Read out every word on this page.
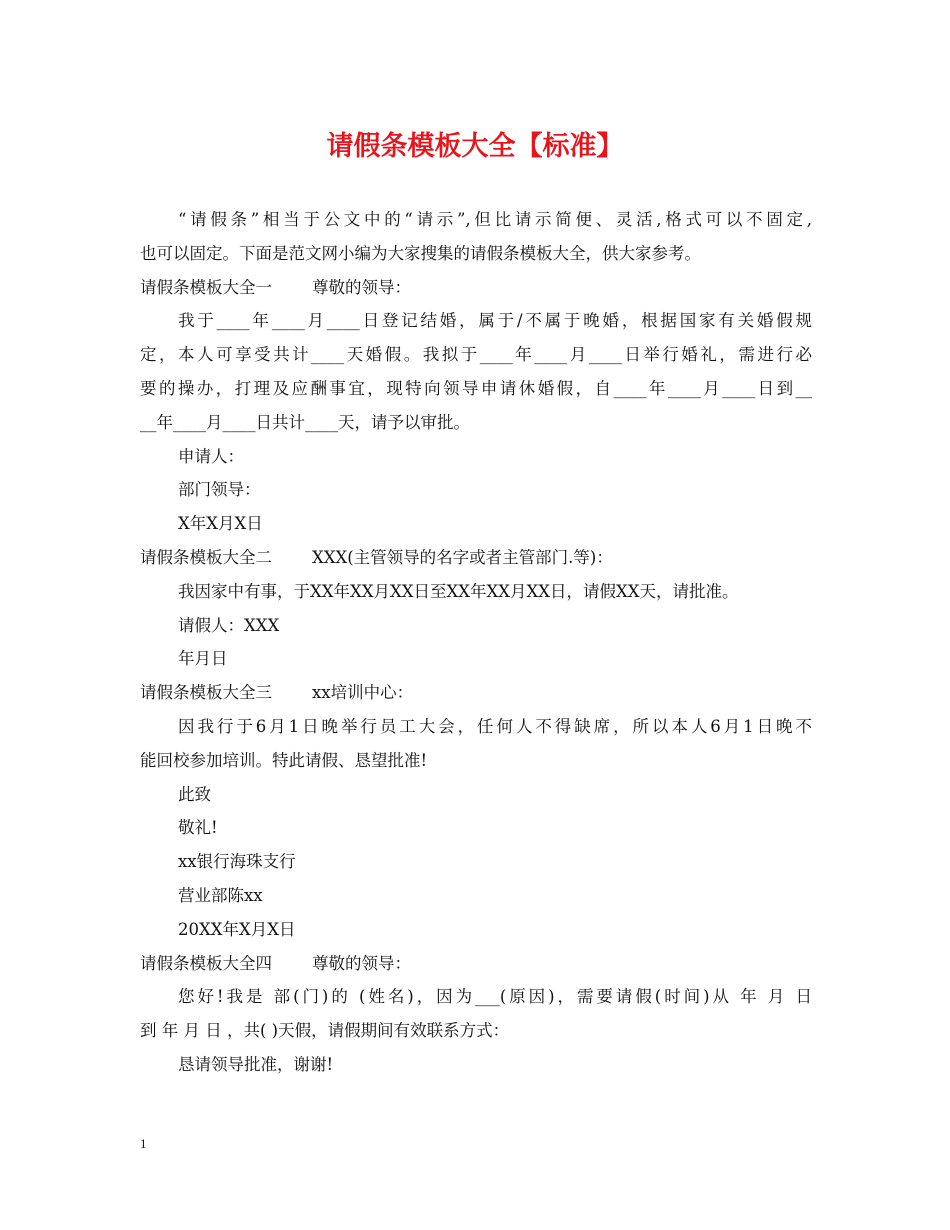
请假条模板大全【标准】

“请假条”相当于公文中的“请示”,但比请示简便、灵活,格式可以不固定,

也可以固定。下面是范文网小编为大家搜集的请假条模板大全，供大家参考。

请假条模板大全一 尊敬的领导：

我于____年____月____日登记结婚，属于/不属于晚婚，根据国家有关婚假规

定，本人可享受共计____天婚假。我拟于____年____月____日举行婚礼，需进行必

要的操办，打理及应酬事宜，现特向领导申请休婚假，自____年____月____日到__

__年____月____日共计____天，请予以审批。

申请人：

部门领导：

X年X月X日

请假条模板大全二 XXX(主管领导的名字或者主管部门.等)：

我因家中有事，于XX年XX月XX日至XX年XX月XX日，请假XX天，请批准。

请假人：XXX

年月日

请假条模板大全三 xx培训中心：

因我行于6月1日晚举行员工大会，任何人不得缺席，所以本人6月1日晚不

能回校参加培训。特此请假、恳望批准!

此致

敬礼!

xx银行海珠支行

营业部陈xx

20XX年X月X日

请假条模板大全四 尊敬的领导：

您好!我是 部(门)的 (姓名)，因为___(原因)，需要请假(时间)从 年 月 日

到 年 月 日 ，共( )天假，请假期间有效联系方式：

恳请领导批准，谢谢!

1
